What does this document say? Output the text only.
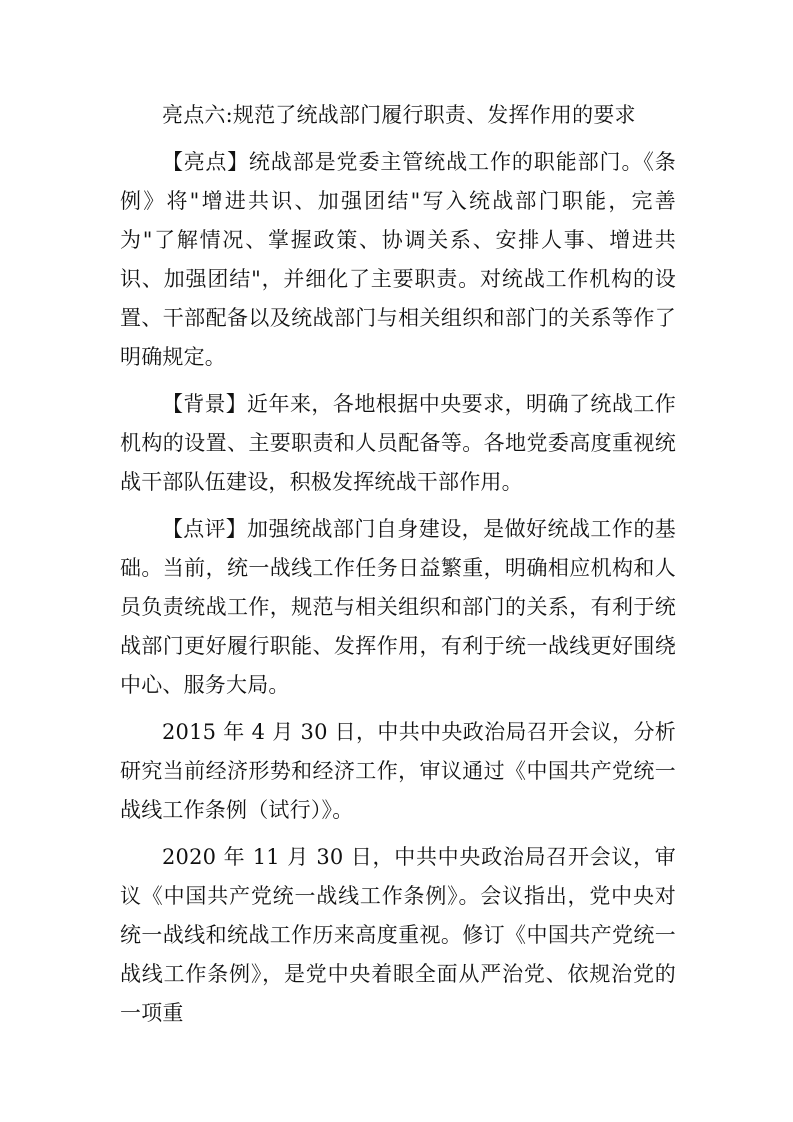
亮点六:规范了统战部门履行职责、发挥作用的要求

【亮点】统战部是党委主管统战工作的职能部门。《条例》将"增进共识、加强团结"写入统战部门职能，完善为"了解情况、掌握政策、协调关系、安排人事、增进共识、加强团结"，并细化了主要职责。对统战工作机构的设置、干部配备以及统战部门与相关组织和部门的关系等作了明确规定。

【背景】近年来，各地根据中央要求，明确了统战工作机构的设置、主要职责和人员配备等。各地党委高度重视统战干部队伍建设，积极发挥统战干部作用。

【点评】加强统战部门自身建设，是做好统战工作的基础。当前，统一战线工作任务日益繁重，明确相应机构和人员负责统战工作，规范与相关组织和部门的关系，有利于统战部门更好履行职能、发挥作用，有利于统一战线更好围绕中心、服务大局。

2015 年 4 月 30 日，中共中央政治局召开会议，分析研究当前经济形势和经济工作，审议通过《中国共产党统一战线工作条例（试行）》。

2020 年 11 月 30 日，中共中央政治局召开会议，审议《中国共产党统一战线工作条例》。会议指出，党中央对统一战线和统战工作历来高度重视。修订《中国共产党统一战线工作条例》，是党中央着眼全面从严治党、依规治党的一项重
